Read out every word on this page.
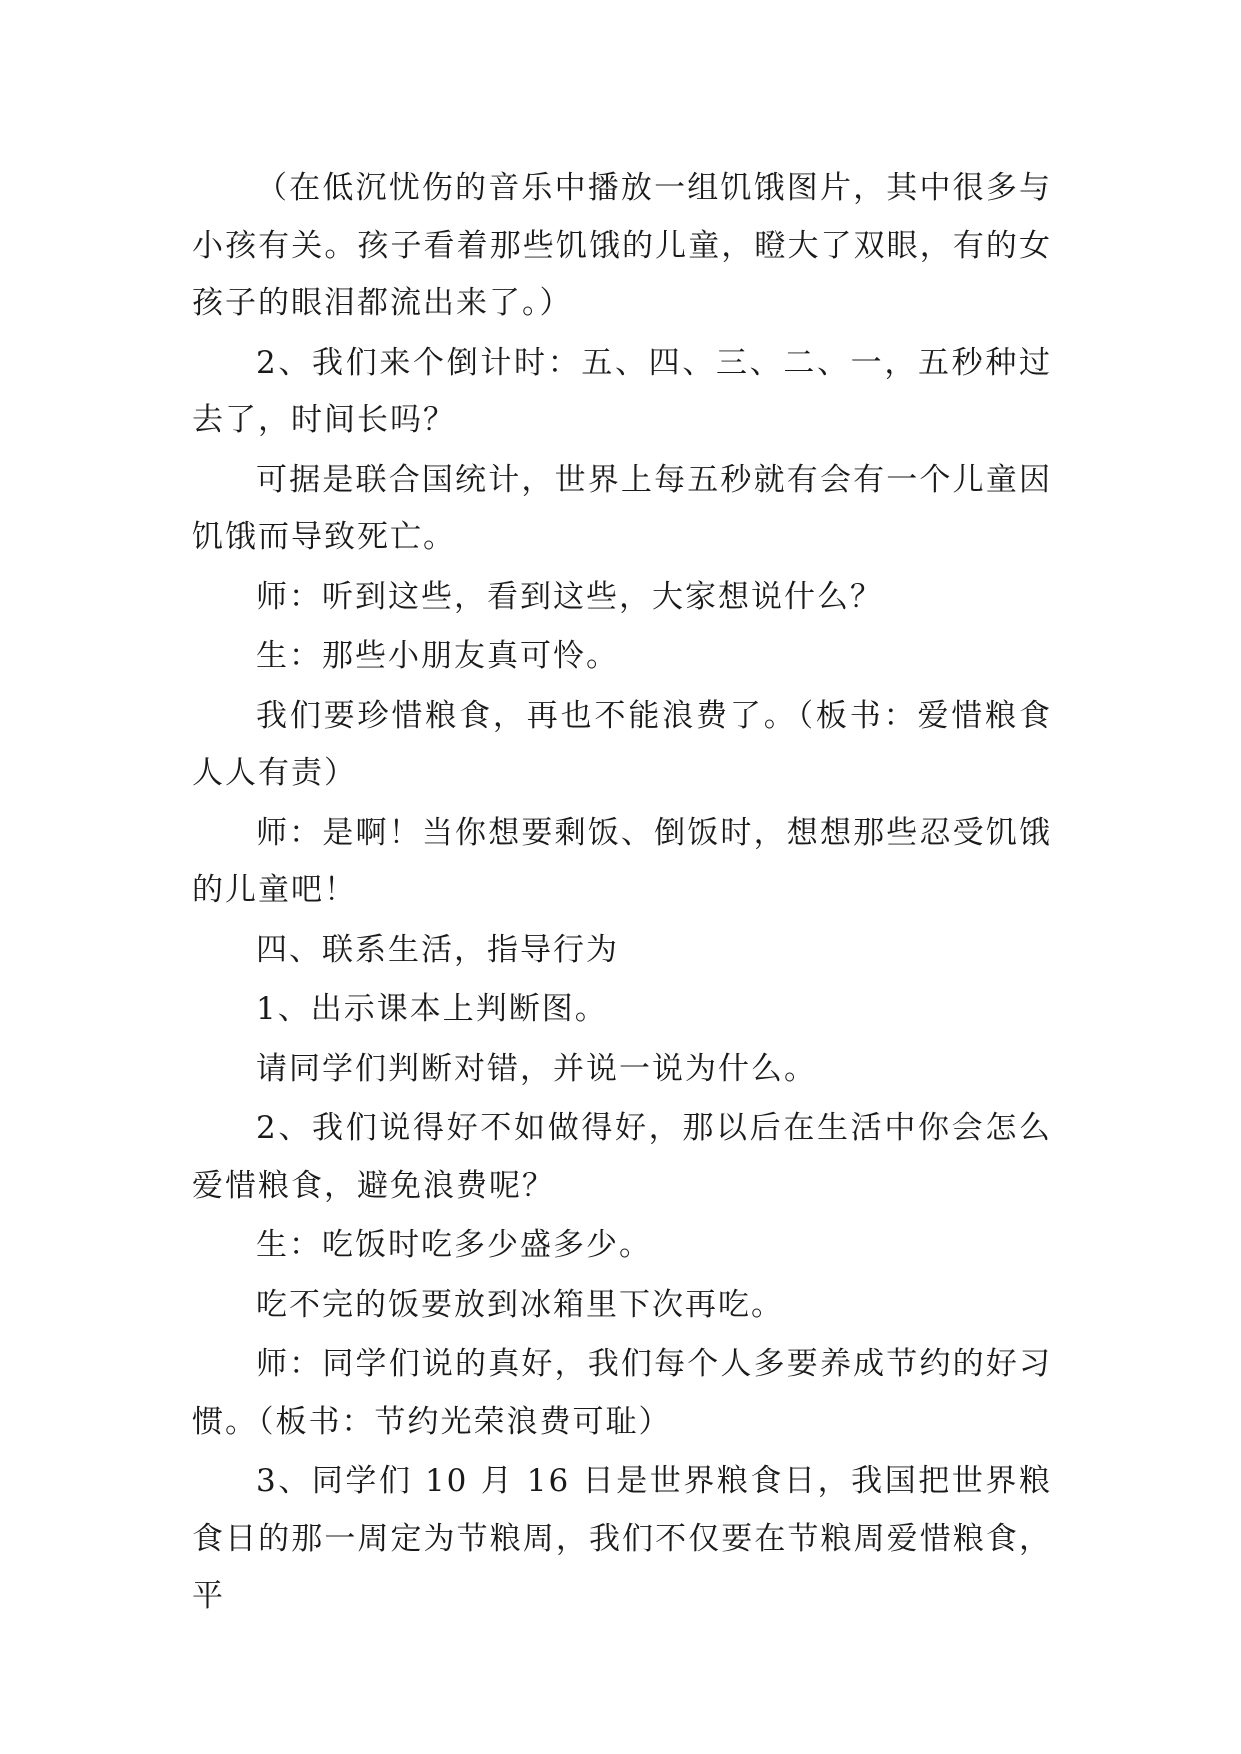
（在低沉忧伤的音乐中播放一组饥饿图片，其中很多与小孩有关。孩子看着那些饥饿的儿童，瞪大了双眼，有的女孩子的眼泪都流出来了。）

2、我们来个倒计时：五、四、三、二、一，五秒种过去了，时间长吗？

可据是联合国统计，世界上每五秒就有会有一个儿童因饥饿而导致死亡。

师：听到这些，看到这些，大家想说什么？

生：那些小朋友真可怜。

我们要珍惜粮食，再也不能浪费了。（板书：爱惜粮食人人有责）

师：是啊！当你想要剩饭、倒饭时，想想那些忍受饥饿的儿童吧！

四、联系生活，指导行为

1、出示课本上判断图。

请同学们判断对错，并说一说为什么。

2、我们说得好不如做得好，那以后在生活中你会怎么爱惜粮食，避免浪费呢？

生：吃饭时吃多少盛多少。

吃不完的饭要放到冰箱里下次再吃。

师：同学们说的真好，我们每个人多要养成节约的好习惯。（板书：节约光荣浪费可耻）

3、同学们 10 月 16 日是世界粮食日，我国把世界粮食日的那一周定为节粮周，我们不仅要在节粮周爱惜粮食，平
